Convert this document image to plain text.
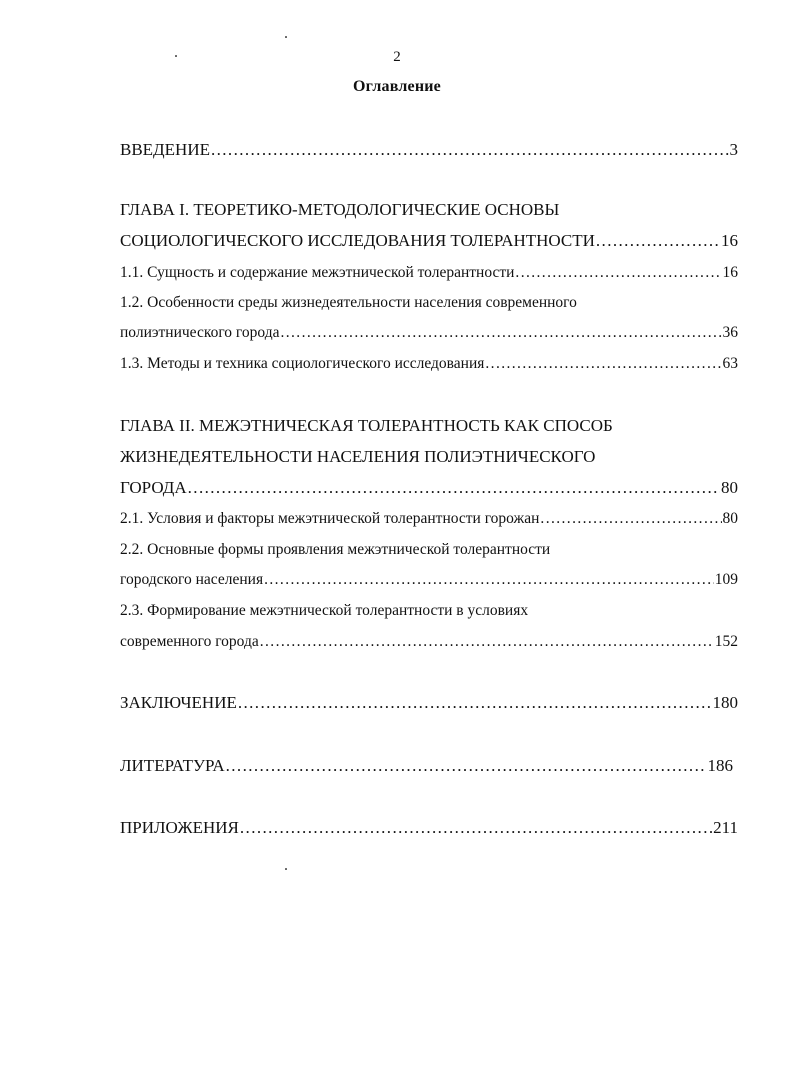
2
Оглавление
ВВЕДЕНИЕ .....	3
ГЛАВА I. ТЕОРЕТИКО-МЕТОДОЛОГИЧЕСКИЕ ОСНОВЫ
СОЦИОЛОГИЧЕСКОГО ИССЛЕДОВАНИЯ ТОЛЕРАНТНОСТИ .....	16
1.1. Сущность и содержание межэтнической толерантности .....	16
1.2. Особенности среды жизнедеятельности населения современного
полиэтнического города .....	36
1.3. Методы и техника социологического исследования .....	63
ГЛАВА II. МЕЖЭТНИЧЕСКАЯ ТОЛЕРАНТНОСТЬ КАК СПОСОБ
ЖИЗНЕДЕЯТЕЛЬНОСТИ НАСЕЛЕНИЯ ПОЛИЭТНИЧЕСКОГО
ГОРОДА .....	80
2.1. Условия и факторы межэтнической толерантности горожан .....	80
2.2. Основные формы проявления межэтнической толерантности
городского населения .....	109
2.3. Формирование межэтнической толерантности в условиях
современного города .....	152
ЗАКЛЮЧЕНИЕ .....	180
ЛИТЕРАТУРА .....	186
ПРИЛОЖЕНИЯ .....	211
